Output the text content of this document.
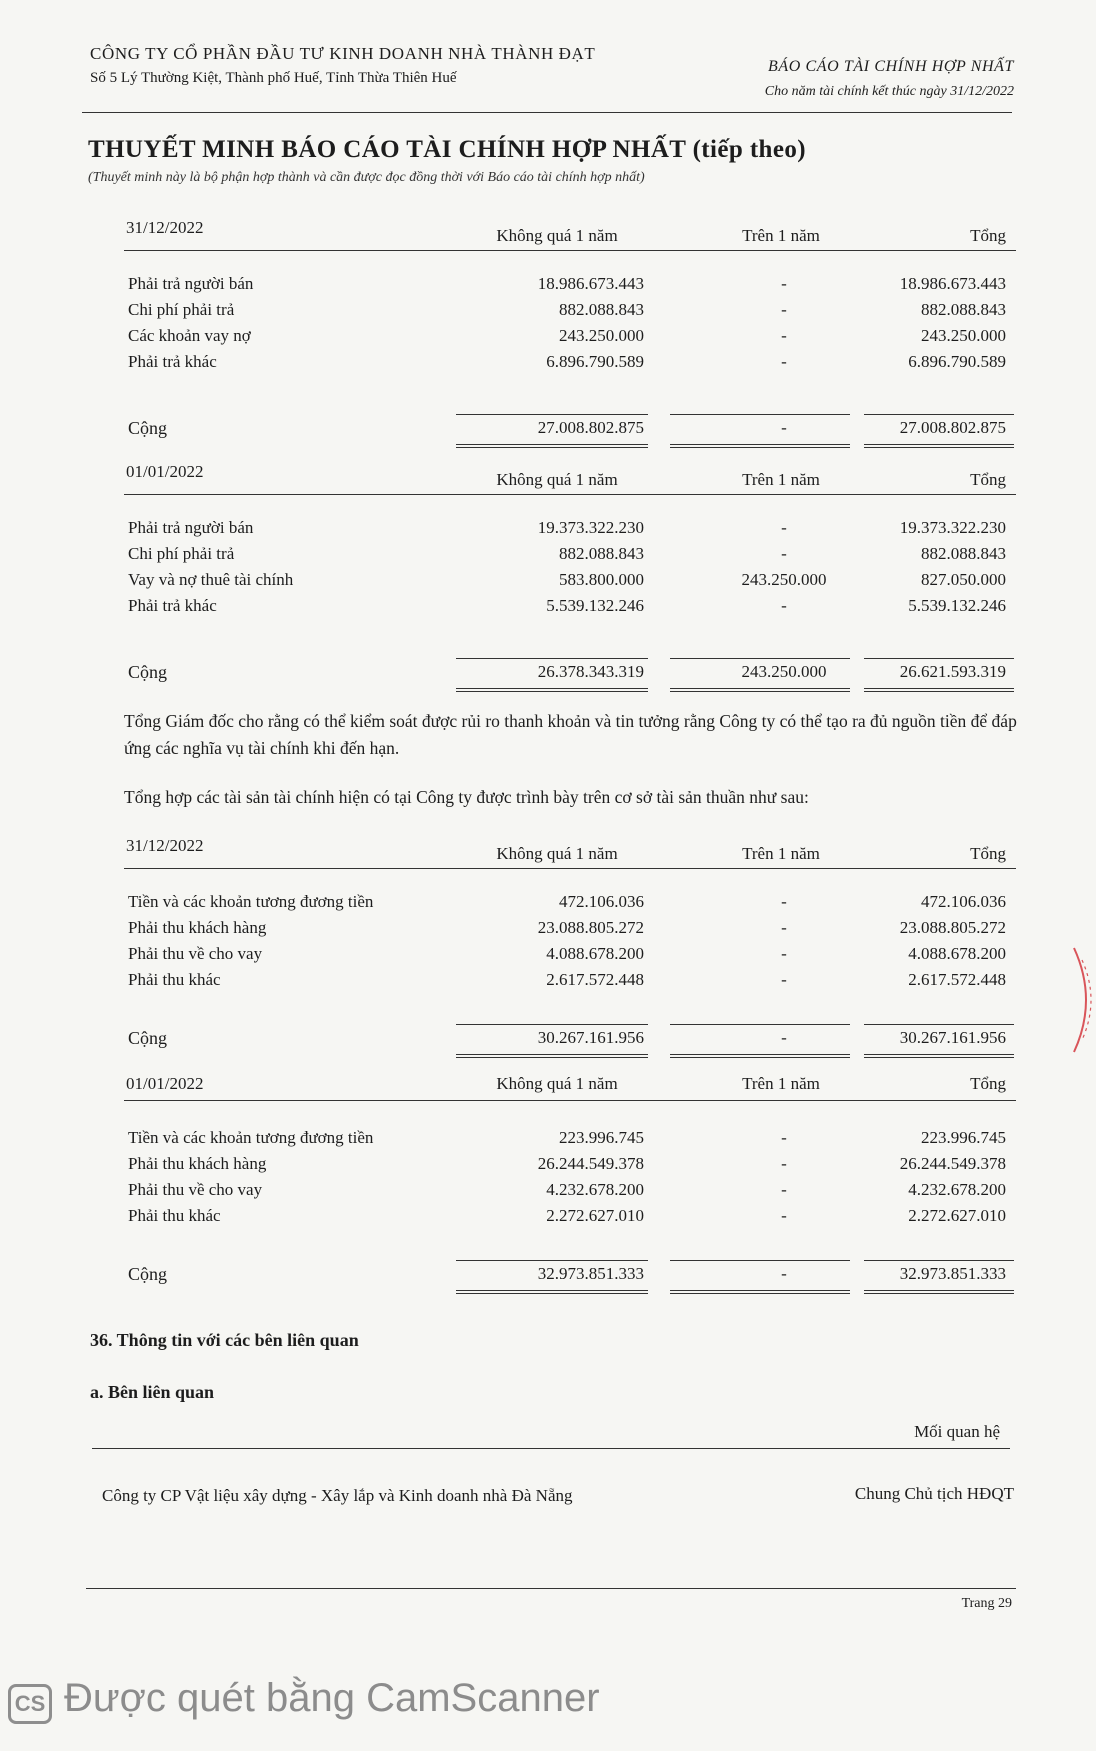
CÔNG TY CỔ PHẦN ĐẦU TƯ KINH DOANH NHÀ THÀNH ĐẠT
Số 5 Lý Thường Kiệt, Thành phố Huế, Tỉnh Thừa Thiên Huế
BÁO CÁO TÀI CHÍNH HỢP NHẤT
Cho năm tài chính kết thúc ngày 31/12/2022
THUYẾT MINH BÁO CÁO TÀI CHÍNH HỢP NHẤT (tiếp theo)
(Thuyết minh này là bộ phận hợp thành và cần được đọc đồng thời với Báo cáo tài chính hợp nhất)
31/12/2022	Không quá 1 năm	Trên 1 năm	Tổng
Phải trả người bán	18.986.673.443	-	18.986.673.443
Chi phí phải trả	882.088.843	-	882.088.843
Các khoản vay nợ	243.250.000	-	243.250.000
Phải trả khác	6.896.790.589	-	6.896.790.589
Cộng	27.008.802.875	-	27.008.802.875
01/01/2022	Không quá 1 năm	Trên 1 năm	Tổng
Phải trả người bán	19.373.322.230	-	19.373.322.230
Chi phí phải trả	882.088.843	-	882.088.843
Vay và nợ thuê tài chính	583.800.000	243.250.000	827.050.000
Phải trả khác	5.539.132.246	-	5.539.132.246
Cộng	26.378.343.319	243.250.000	26.621.593.319
Tổng Giám đốc cho rằng có thể kiểm soát được rủi ro thanh khoản và tin tưởng rằng Công ty có thể tạo ra đủ nguồn tiền để đáp ứng các nghĩa vụ tài chính khi đến hạn.
Tổng hợp các tài sản tài chính hiện có tại Công ty được trình bày trên cơ sở tài sản thuần như sau:
31/12/2022	Không quá 1 năm	Trên 1 năm	Tổng
Tiền và các khoản tương đương tiền	472.106.036	-	472.106.036
Phải thu khách hàng	23.088.805.272	-	23.088.805.272
Phải thu về cho vay	4.088.678.200	-	4.088.678.200
Phải thu khác	2.617.572.448	-	2.617.572.448
Cộng	30.267.161.956	-	30.267.161.956
01/01/2022	Không quá 1 năm	Trên 1 năm	Tổng
Tiền và các khoản tương đương tiền	223.996.745	-	223.996.745
Phải thu khách hàng	26.244.549.378	-	26.244.549.378
Phải thu về cho vay	4.232.678.200	-	4.232.678.200
Phải thu khác	2.272.627.010	-	2.272.627.010
Cộng	32.973.851.333	-	32.973.851.333
36. Thông tin với các bên liên quan
a. Bên liên quan
Mối quan hệ
Công ty CP Vật liệu xây dựng - Xây lắp và Kinh doanh nhà Đà Nẵng	Chung Chủ tịch HĐQT
Trang 29
CS Được quét bằng CamScanner
